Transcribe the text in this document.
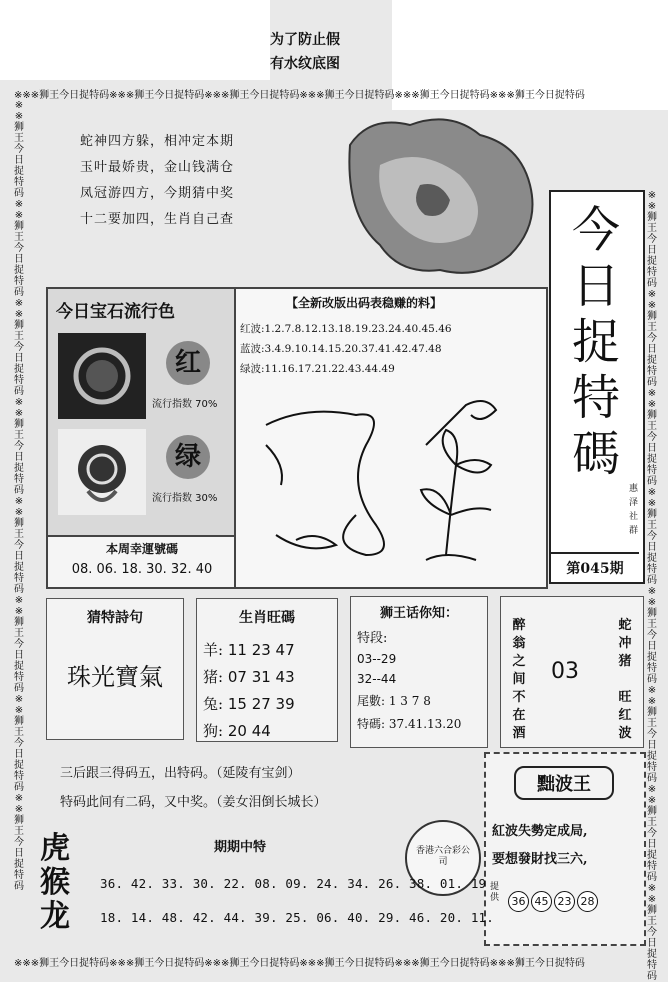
为了防止假
有水纹底图
※※※狮王今日捉特码※※※狮王今日捉特码※※※狮王今日捉特码※※※狮王今日捉特码※※※狮王今日捉特码※※※狮王今日捉特码
※※※狮王今日捉特码※※※狮王今日捉特码※※※狮王今日捉特码※※※狮王今日捉特码※※※狮王今日捉特码※※※狮王今日捉特码
※※狮王今日捉特码※※狮王今日捉特码※※狮王今日捉特码※※狮王今日捉特码※※狮王今日捉特码※※狮王今日捉特码※※狮王今日捉特码※※狮王今日捉特码
※※狮王今日捉特码※※狮王今日捉特码※※狮王今日捉特码※※狮王今日捉特码※※狮王今日捉特码※※狮王今日捉特码※※狮王今日捉特码※※狮王今日捉特码
蛇神四方躲，相冲定本期
玉叶最娇贵，金山钱满仓
凤冠游四方，今期猜中奖
十二要加四，生肖自己查	今
日
捉
特
碼
惠泽社群
第045期
今日宝石流行色
红
流行指数 70%
绿
流行指数 30%
本周幸運號碼
08. 06. 18. 30. 32. 40
【全新改版出码表稳赚的料】
红波:1.2.7.8.12.13.18.19.23.24.40.45.46
蓝波:3.4.9.10.14.15.20.37.41.42.47.48
绿波:11.16.17.21.22.43.44.49
猜特詩句
珠光寶氣
生肖旺碼
羊: 11 23 47
猪: 07 31 43
兔: 15 27 39
狗: 20 44
狮王话你知：
特段:
03--29
32--44
尾數: 1 3 7 8
特碼: 37.41.13.20
醉
翁
之
间
不
在
酒
03
蛇
冲
猪
旺
红
波
三后跟三得码五，出特码。（延陵有宝剑）
特码此间有二码，又中奖。（姜女泪倒长城长）
黜波王
紅波失勢定成局,
要想發財找三六,
提供	36 45 23 28
香港六合彩公司
虎
猴
龙
期期中特
36. 42. 33. 30. 22. 08. 09. 24. 34. 26. 38. 01. 19
18. 14. 48. 42. 44. 39. 25. 06. 40. 29. 46. 20. 11.
